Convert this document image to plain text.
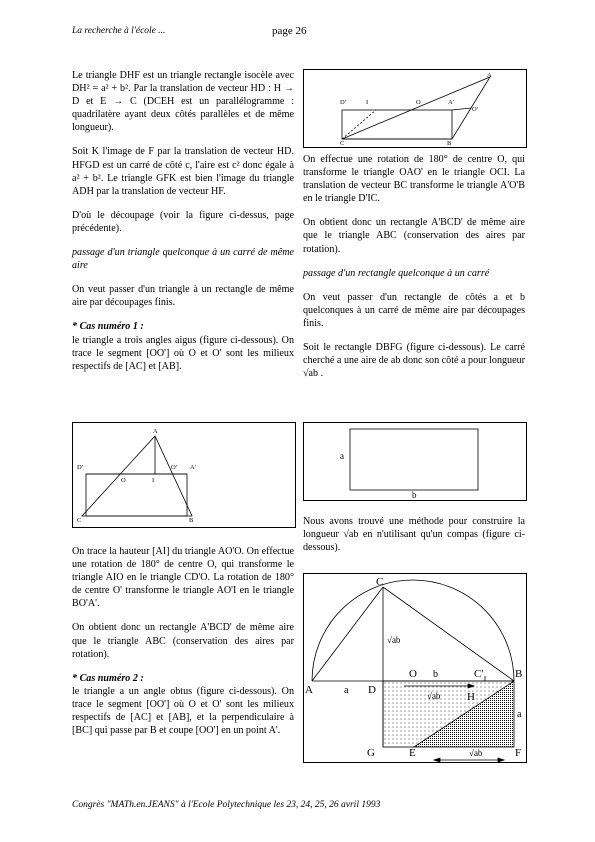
La recherche à l'école ...	page 26

Le triangle DHF est un triangle rectangle isocèle avec DH² = a² + b². Par la translation de vecteur HD : H → D et E → C (DCEH est un parallélogramme : quadrilatère ayant deux côtés parallèles et de même longueur).

Soit K l'image de F par la translation de vecteur HD. HFGD est un carré de côté c, l'aire est c² donc égale à a² + b². Le triangle GFK est bien l'image du triangle ADH par la translation de vecteur HF.

D'où le découpage (voir la figure ci-dessus, page précédente).

passage d'un triangle quelconque à un carré de même aire

On veut passer d'un triangle à un rectangle de même aire par découpages finis.

* Cas numéro 1 :

le triangle a trois angles aigus (figure ci-dessous). On trace le segment [OO'] où O et O' sont les milieux respectifs de [AC] et [AB].

A
D'
O	I
O' A'
C	B

On trace la hauteur [AI] du triangle AO'O. On effectue une rotation de 180° de centre O, qui transforme le triangle AIO en le triangle CD'O. La rotation de 180° de centre O' transforme le triangle AO'I en le triangle BO'A'.

On obtient donc un rectangle A'BCD' de même aire que le triangle ABC (conservation des aires par rotation).

* Cas numéro 2 :

le triangle a un angle obtus (figure ci-dessous). On trace le segment [OO'] où O et O' sont les milieux respectifs de [AC] et [AB], et la perpendiculaire à [BC] qui passe par B et coupe [OO'] en un point A'.

A
D'	I	O	A'
O'
C	B

On effectue une rotation de 180° de centre O, qui transforme le triangle OAO' en le triangle OCI. La translation de vecteur BC transforme le triangle A'O'B en le triangle D'IC.

On obtient donc un rectangle A'BCD' de même aire que le triangle ABC (conservation des aires par rotation).

passage d'un rectangle quelconque à un carré

On veut passer d'un rectangle de côtés a et b quelconques à un carré de même aire par découpages finis.

Soit le rectangle DBFG (figure ci-dessous). Le carré cherché a une aire de ab donc son côté a pour longueur √ab .

a
b

Nous avons trouvé une méthode pour construire la longueur √ab en n'utilisant qu'un compas (figure ci-dessous).

C
√ab
O b	C'	B
A	a D
H
√ab
a
G	E	√ab	F
Congrès "MATh.en.JEANS" à l'Ecole Polytechnique les 23, 24, 25, 26 avril 1993
